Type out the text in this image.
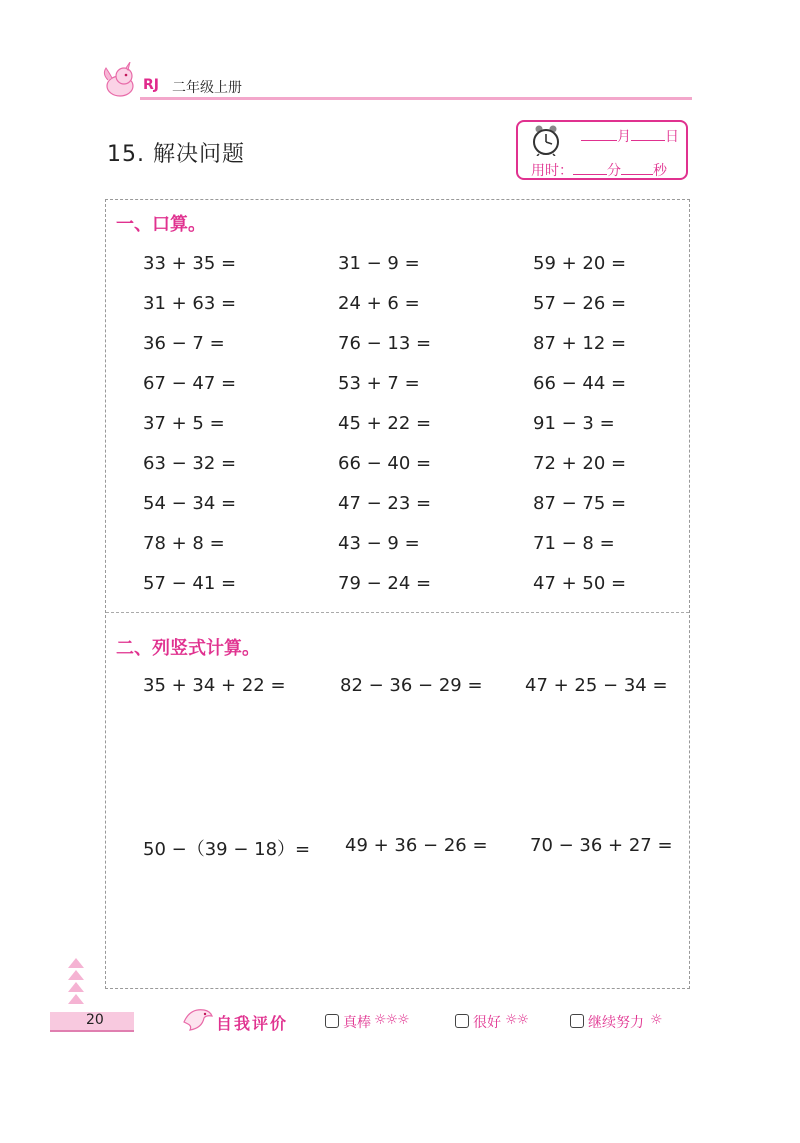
RJ 二年级上册
15. 解决问题
月 日
用时： 分 秒
一、口算。
33 + 35 =	31 − 9 =	59 + 20 =
31 + 63 =	24 + 6 =	57 − 26 =
36 − 7 =	76 − 13 =	87 + 12 =
67 − 47 =	53 + 7 =	66 − 44 =
37 + 5 =	45 + 22 =	91 − 3 =
63 − 32 =	66 − 40 =	72 + 20 =
54 − 34 =	47 − 23 =	87 − 75 =
78 + 8 =	43 − 9 =	71 − 8 =
57 − 41 =	79 − 24 =	47 + 50 =
二、列竖式计算。
35 + 34 + 22 =	82 − 36 − 29 = 47 + 25 − 34 =
50 −（39 − 18）= 49 + 36 − 26 = 70 − 36 + 27 =
20	自我评价	真棒 ☼☼☼	很好 ☼☼	继续努力 ☼
